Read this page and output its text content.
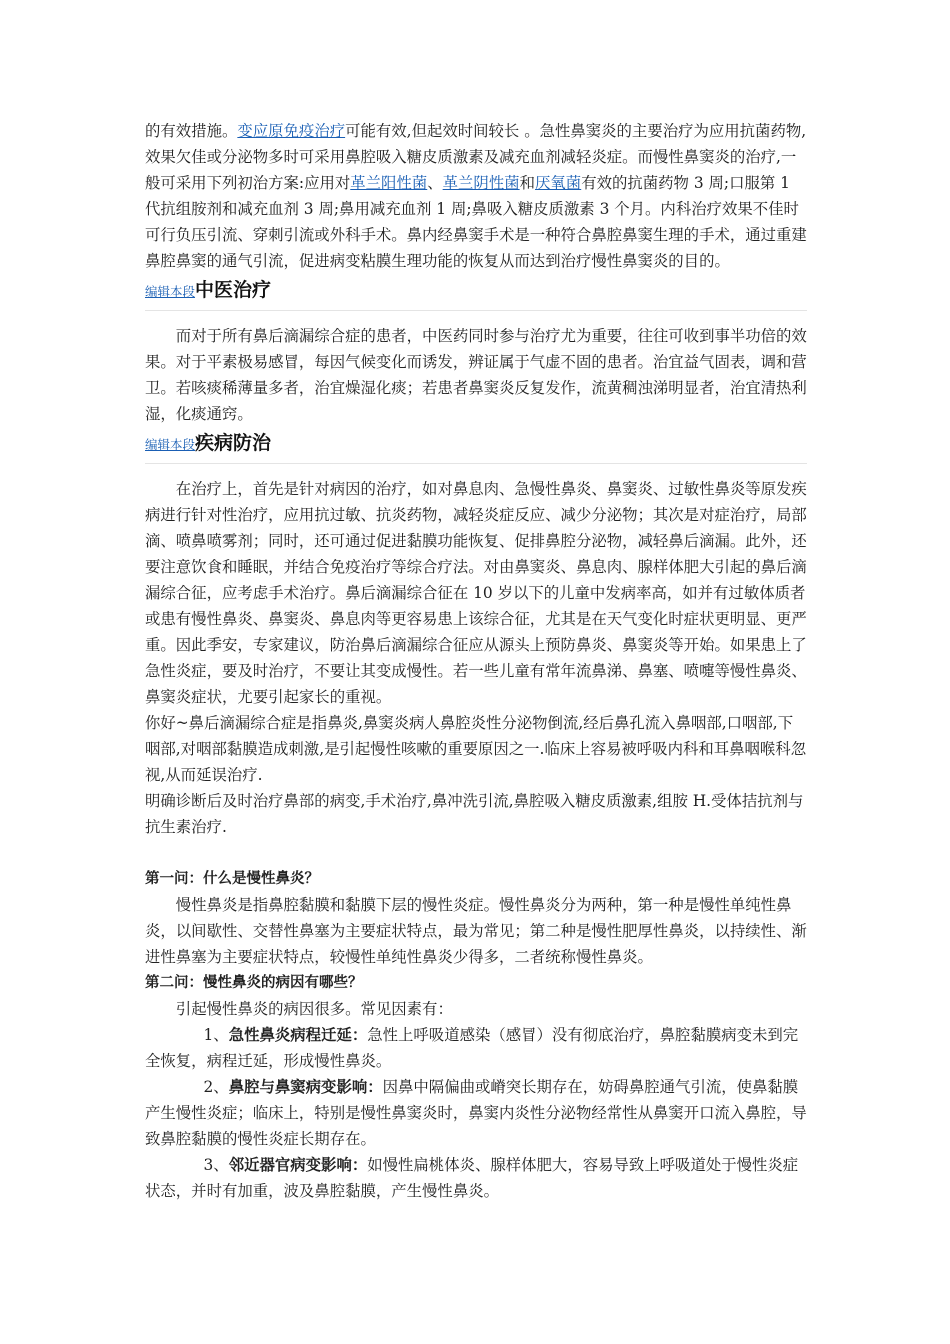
的有效措施。变应原免疫治疗可能有效,但起效时间较长 。急性鼻窦炎的主要治疗为应用抗菌药物,效果欠佳或分泌物多时可采用鼻腔吸入糖皮质激素及减充血剂减轻炎症。而慢性鼻窦炎的治疗,一般可采用下列初治方案:应用对革兰阳性菌、革兰阴性菌和厌氧菌有效的抗菌药物 3 周;口服第 1 代抗组胺剂和减充血剂 3 周;鼻用减充血剂 1 周;鼻吸入糖皮质激素 3 个月。内科治疗效果不佳时可行负压引流、穿刺引流或外科手术。鼻内经鼻窦手术是一种符合鼻腔鼻窦生理的手术，通过重建鼻腔鼻窦的通气引流，促进病变粘膜生理功能的恢复从而达到治疗慢性鼻窦炎的目的。

编辑本段中医治疗

而对于所有鼻后滴漏综合症的患者，中医药同时参与治疗尤为重要，往往可收到事半功倍的效果。对于平素极易感冒，每因气候变化而诱发，辨证属于气虚不固的患者。治宜益气固表，调和营卫。若咳痰稀薄量多者，治宜燥湿化痰；若患者鼻窦炎反复发作，流黄稠浊涕明显者，治宜清热利湿，化痰通窍。

编辑本段疾病防治

在治疗上，首先是针对病因的治疗，如对鼻息肉、急慢性鼻炎、鼻窦炎、过敏性鼻炎等原发疾病进行针对性治疗，应用抗过敏、抗炎药物，减轻炎症反应、减少分泌物；其次是对症治疗，局部滴、喷鼻喷雾剂；同时，还可通过促进黏膜功能恢复、促排鼻腔分泌物，减轻鼻后滴漏。此外，还要注意饮食和睡眠，并结合免疫治疗等综合疗法。对由鼻窦炎、鼻息肉、腺样体肥大引起的鼻后滴漏综合征，应考虑手术治疗。鼻后滴漏综合征在 10 岁以下的儿童中发病率高，如并有过敏体质者或患有慢性鼻炎、鼻窦炎、鼻息肉等更容易患上该综合征，尤其是在天气变化时症状更明显、更严重。因此季安，专家建议，防治鼻后滴漏综合征应从源头上预防鼻炎、鼻窦炎等开始。如果患上了急性炎症，要及时治疗，不要让其变成慢性。若一些儿童有常年流鼻涕、鼻塞、喷嚏等慢性鼻炎、鼻窦炎症状，尤要引起家长的重视。

你好~鼻后滴漏综合症是指鼻炎,鼻窦炎病人鼻腔炎性分泌物倒流,经后鼻孔流入鼻咽部,口咽部,下咽部,对咽部黏膜造成刺激,是引起慢性咳嗽的重要原因之一.临床上容易被呼吸内科和耳鼻咽喉科忽视,从而延误治疗.

明确诊断后及时治疗鼻部的病变,手术治疗,鼻冲洗引流,鼻腔吸入糖皮质激素,组胺 H.受体拮抗剂与抗生素治疗.

第一问：什么是慢性鼻炎？

慢性鼻炎是指鼻腔黏膜和黏膜下层的慢性炎症。慢性鼻炎分为两种，第一种是慢性单纯性鼻炎，以间歇性、交替性鼻塞为主要症状特点，最为常见；第二种是慢性肥厚性鼻炎，以持续性、渐进性鼻塞为主要症状特点，较慢性单纯性鼻炎少得多，二者统称慢性鼻炎。

第二问：慢性鼻炎的病因有哪些？

引起慢性鼻炎的病因很多。常见因素有：

1、急性鼻炎病程迁延：急性上呼吸道感染（感冒）没有彻底治疗，鼻腔黏膜病变未到完全恢复，病程迁延，形成慢性鼻炎。

2、鼻腔与鼻窦病变影响：因鼻中隔偏曲或嵴突长期存在，妨碍鼻腔通气引流，使鼻黏膜产生慢性炎症；临床上，特别是慢性鼻窦炎时，鼻窦内炎性分泌物经常性从鼻窦开口流入鼻腔，导致鼻腔黏膜的慢性炎症长期存在。

3、邻近器官病变影响：如慢性扁桃体炎、腺样体肥大，容易导致上呼吸道处于慢性炎症状态，并时有加重，波及鼻腔黏膜，产生慢性鼻炎。
